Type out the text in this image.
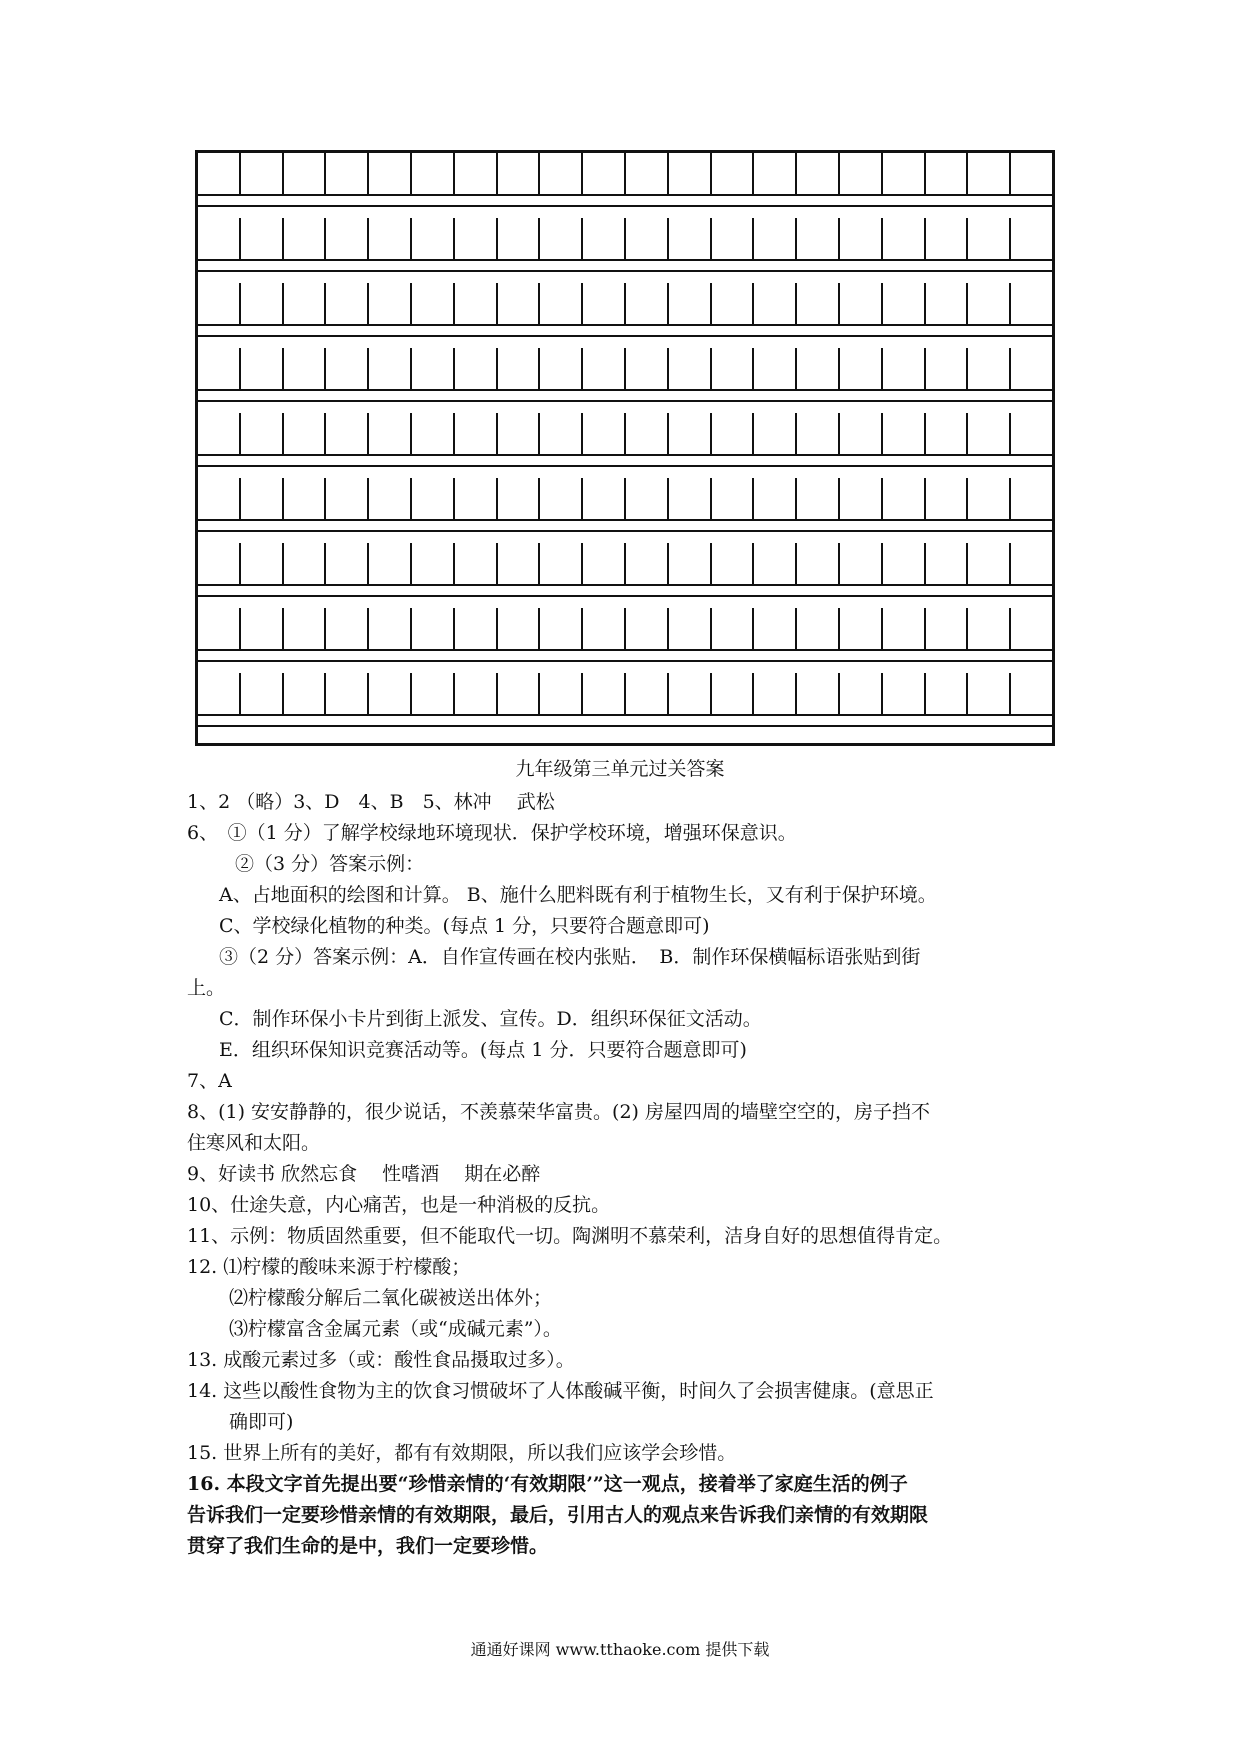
九年级第三单元过关答案
1、2 （略）3、D　4、B　5、林冲　 武松
6、　①（1 分）了解学校绿地环境现状．保护学校环境，增强环保意识。
②（3 分）答案示例：
A、占地面积的绘图和计算。 B、施什么肥料既有利于植物生长，又有利于保护环境。
C、学校绿化植物的种类。(每点 1 分，只要符合题意即可)
③（2 分）答案示例：A．自作宣传画在校内张贴．　B．制作环保横幅标语张贴到街
上。
C．制作环保小卡片到街上派发、宣传。D．组织环保征文活动。
E．组织环保知识竞赛活动等。(每点 1 分．只要符合题意即可)
7、A
8、(1) 安安静静的，很少说话，不羡慕荣华富贵。(2) 房屋四周的墙壁空空的，房子挡不
住寒风和太阳。
9、好读书 欣然忘食　 性嗜酒　 期在必醉
10、仕途失意，内心痛苦，也是一种消极的反抗。
11、示例：物质固然重要，但不能取代一切。陶渊明不慕荣利，洁身自好的思想值得肯定。
12. ⑴柠檬的酸味来源于柠檬酸；
⑵柠檬酸分解后二氧化碳被送出体外；
⑶柠檬富含金属元素（或“成碱元素”）。
13. 成酸元素过多（或：酸性食品摄取过多）。
14. 这些以酸性食物为主的饮食习惯破坏了人体酸碱平衡，时间久了会损害健康。(意思正
确即可)
15. 世界上所有的美好，都有有效期限，所以我们应该学会珍惜。
16. 本段文字首先提出要“珍惜亲情的‘有效期限’”这一观点，接着举了家庭生活的例子
告诉我们一定要珍惜亲情的有效期限，最后，引用古人的观点来告诉我们亲情的有效期限
贯穿了我们生命的是中，我们一定要珍惜。
通通好课网 www.tthaoke.com 提供下载
